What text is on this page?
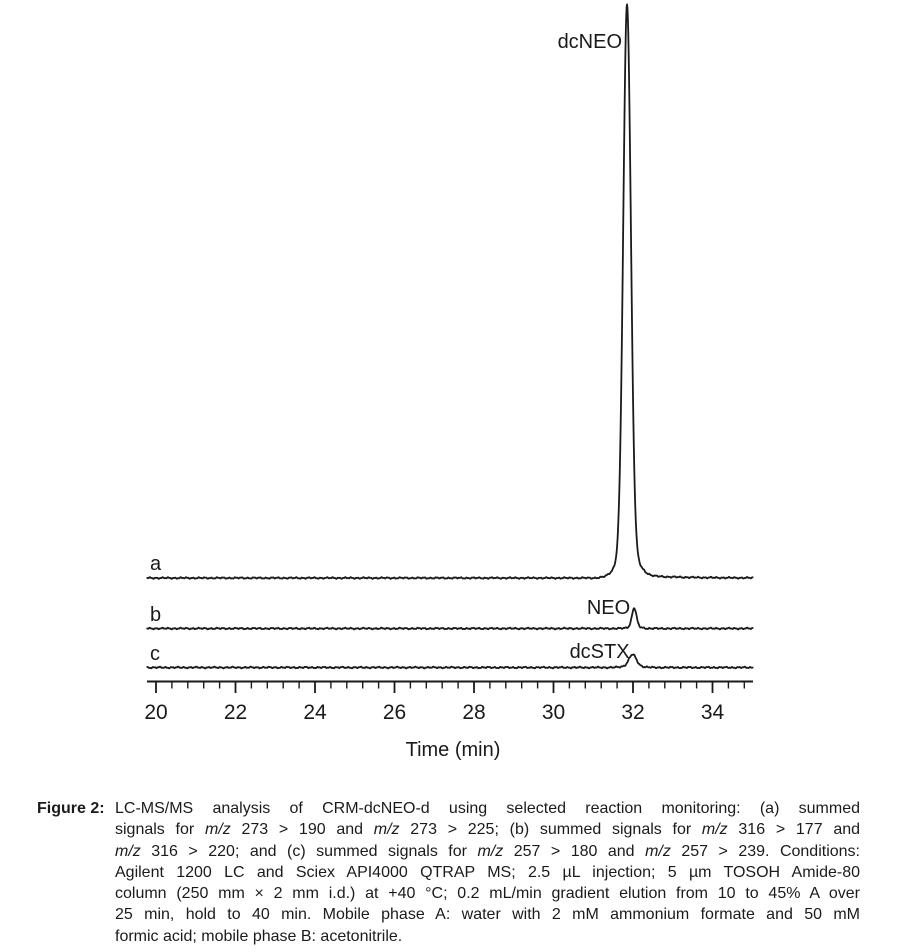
20	22	24	26	28	30	32	34
Time (min)
a
dcNEO
b	NEO
c	dcSTX
Figure 2: LC-MS/MS analysis of CRM-dcNEO-d using selected reaction monitoring: (a) summed
signals for m/z 273 > 190 and m/z 273 > 225; (b) summed signals for m/z 316 > 177 and
m/z 316 > 220; and (c) summed signals for m/z 257 > 180 and m/z 257 > 239. Conditions:
Agilent 1200 LC and Sciex API4000 QTRAP MS; 2.5 µL injection; 5 µm TOSOH Amide-80
column (250 mm × 2 mm i.d.) at +40 °C; 0.2 mL/min gradient elution from 10 to 45% A over
25 min, hold to 40 min. Mobile phase A: water with 2 mM ammonium formate and 50 mM
formic acid; mobile phase B: acetonitrile.
